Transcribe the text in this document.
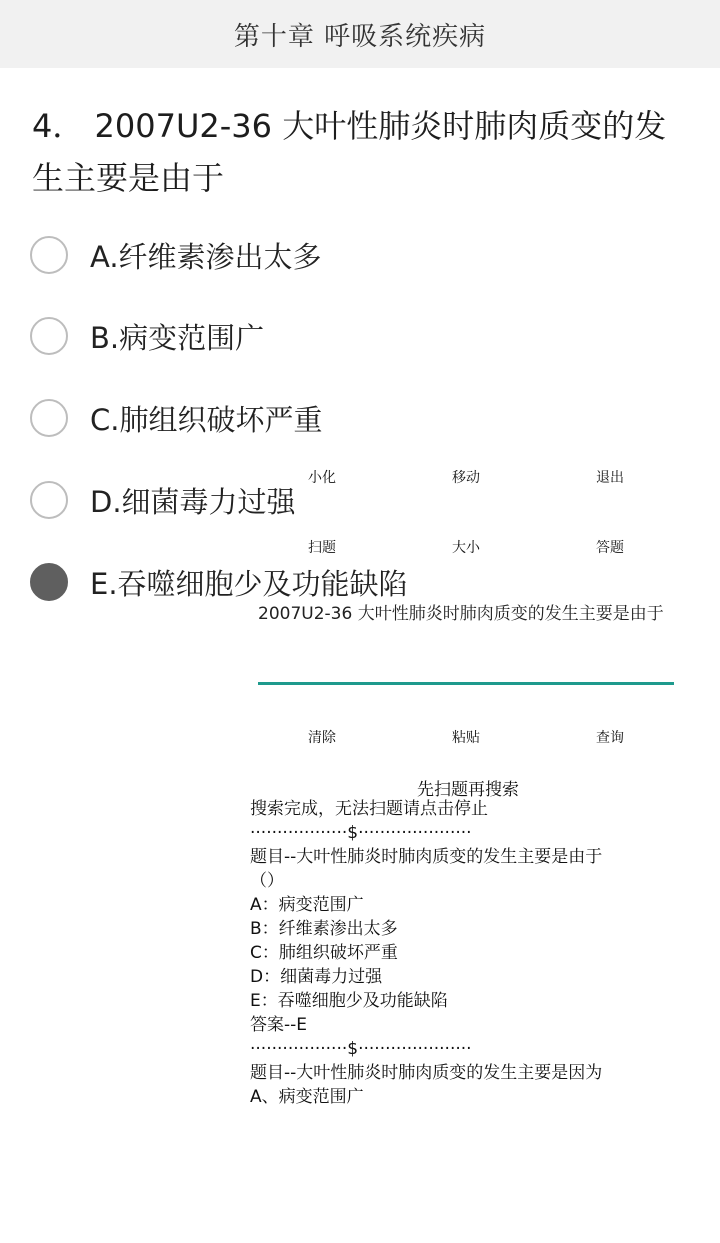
第十章 呼吸系统疾病
4． 2007U2-36 大叶性肺炎时肺肉质变的发生主要是由于
A.纤维素渗出太多
B.病变范围广
C.肺组织破坏严重
D.细菌毒力过强
E.吞噬细胞少及功能缺陷
小化	移动	退出
扫题	大小	答题
2007U2-36 大叶性肺炎时肺肉质变的发生主要是由于
清除	粘贴	查询
先扫题再搜索
搜索完成，无法扫题请点击停止
··················$·····················
题目--大叶性肺炎时肺肉质变的发生主要是由于
（）
A：病变范围广
B：纤维素渗出太多
C：肺组织破坏严重
D：细菌毒力过强
E：吞噬细胞少及功能缺陷
答案--E
··················$·····················
题目--大叶性肺炎时肺肉质变的发生主要是因为
A、病变范围广
